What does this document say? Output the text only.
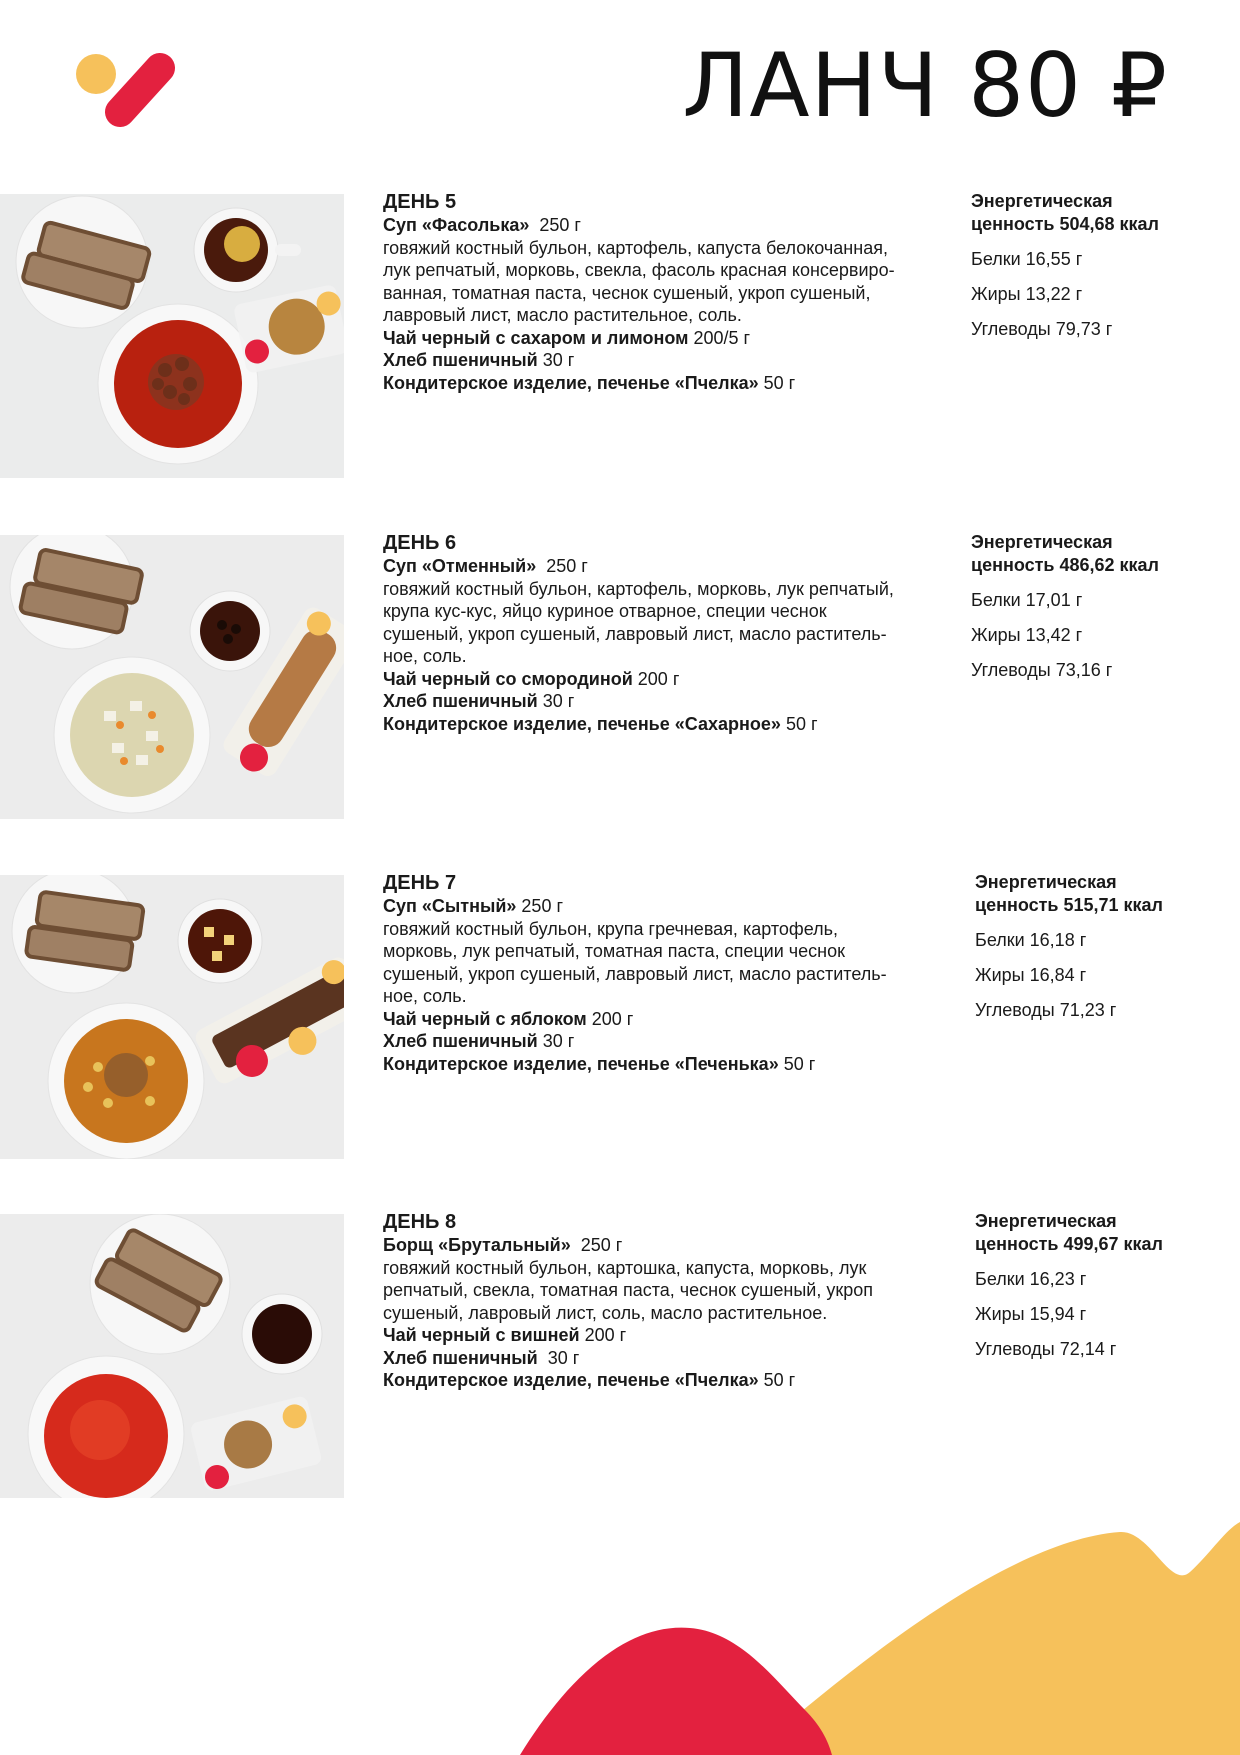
ЛАНЧ 80 ₽
ДЕНЬ 5
Суп «Фасолька» 250 г
говяжий костный бульон, картофель, капуста белокочанная,
лук репчатый, морковь, свекла, фасоль красная консервиро-
ванная, томатная паста, чеснок сушеный, укроп сушеный,
лавровый лист, масло растительное, соль.
Чай черный с сахаром и лимоном 200/5 г
Хлеб пшеничный 30 г
Кондитерское изделие, печенье «Пчелка» 50 г
Энергетическая
ценность 504,68 ккал
Белки 16,55 г
Жиры 13,22 г
Углеводы 79,73 г
ДЕНЬ 6
Суп «Отменный» 250 г
говяжий костный бульон, картофель, морковь, лук репчатый,
крупа кус-кус, яйцо куриное отварное, специи чеснок
сушеный, укроп сушеный, лавровый лист, масло раститель-
ное, соль.
Чай черный со смородиной 200 г
Хлеб пшеничный 30 г
Кондитерское изделие, печенье «Сахарное» 50 г
Энергетическая
ценность 486,62 ккал
Белки 17,01 г
Жиры 13,42 г
Углеводы 73,16 г
ДЕНЬ 7
Суп «Сытный» 250 г
говяжий костный бульон, крупа гречневая, картофель,
морковь, лук репчатый, томатная паста, специи чеснок
сушеный, укроп сушеный, лавровый лист, масло раститель-
ное, соль.
Чай черный с яблоком 200 г
Хлеб пшеничный 30 г
Кондитерское изделие, печенье «Печенька» 50 г
Энергетическая
ценность 515,71 ккал
Белки 16,18 г
Жиры 16,84 г
Углеводы 71,23 г
ДЕНЬ 8
Борщ «Брутальный» 250 г
говяжий костный бульон, картошка, капуста, морковь, лук
репчатый, свекла, томатная паста, чеснок сушеный, укроп
сушеный, лавровый лист, соль, масло растительное.
Чай черный с вишней 200 г
Хлеб пшеничный 30 г
Кондитерское изделие, печенье «Пчелка» 50 г
Энергетическая
ценность 499,67 ккал
Белки 16,23 г
Жиры 15,94 г
Углеводы 72,14 г
